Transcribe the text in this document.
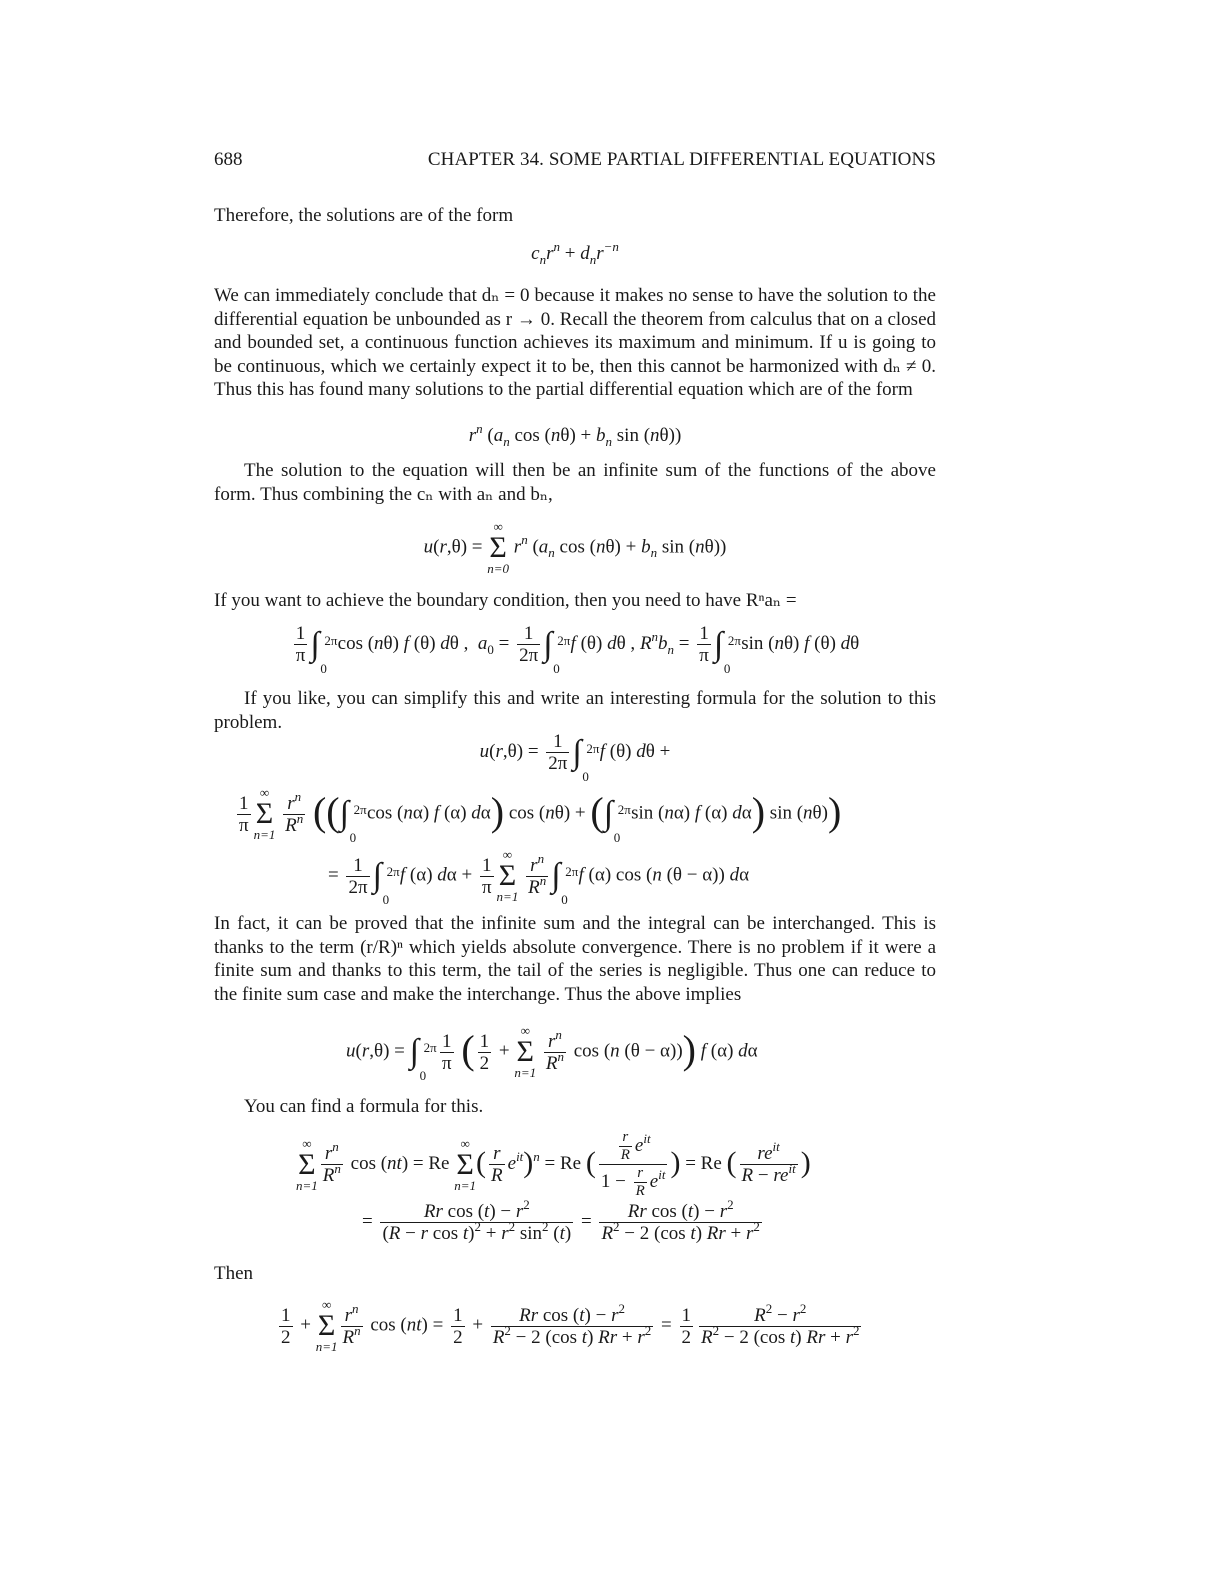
688	CHAPTER 34. SOME PARTIAL DIFFERENTIAL EQUATIONS
Therefore, the solutions are of the form
$c_nr^n + d_nr^{-n}$
We can immediately conclude that dₙ = 0 because it makes no sense to have the solution to the differential equation be unbounded as r → 0. Recall the theorem from calculus that on a closed and bounded set, a continuous function achieves its maximum and minimum. If u is going to be continuous, which we certainly expect it to be, then this cannot be harmonized with dₙ ≠ 0. Thus this has found many solutions to the partial differential equation which are of the form
$r^n$ ($a_n$ $\cos (n\theta) + b_n$ sin (nθ))
The solution to the equation will then be an infinite sum of the functions of the above form. Thus combining the cₙ with aₙ and bₙ,
u(r,θ) =
∞
Σ
n=0
$r^n$ ($a_n$ $\cos (n\theta) + b_n$ sin (nθ))
If you want to achieve the boundary condition, then you need to have Rⁿaₙ =
$\frac{1}{\pi}$ ∫ 2π
0
cos (nθ) f (θ) dθ ,  $a_0 = \frac{1}{2\pi}$ ∫ 2π
0
f (θ) dθ , $R^nb_n = \frac{1}{\pi}$ ∫ 2π
0
sin (nθ) f (θ) dθ
If you like, you can simplify this and write an interesting formula for the solution to this problem.
$u(r,\theta) = \frac{1}{2\pi}$ ∫ 2π
0
f (θ) dθ +
$\frac{1}{\pi}$
∞
Σ
n=1
$\frac{r^n}{R^n}$ ((∫ 2π
0
cos (nα) f (α) dα) cos (nθ) + (∫ 2π
0
sin (nα) f (α) dα) sin (nθ))
= $\frac{1}{2\pi}$ ∫ 2π
0
f (α) $d\alpha + \frac{1}{\pi}$
∞
Σ
n=1
$\frac{r^n}{R^n}$ ∫ 2π
0
f (α) cos (n (θ − α)) dα
In fact, it can be proved that the infinite sum and the integral can be interchanged. This is thanks to the term (r/R)ⁿ which yields absolute convergence. There is no problem if it were a finite sum and thanks to this term, the tail of the series is negligible. Thus one can reduce to the finite sum case and make the interchange. Thus the above implies
u(r,θ) = ∫ 2π
0
$\frac{1}{\pi}$ ( $\frac{1}{2}$ +
∞
Σ
n=1
$\frac{r^n}{R^n}$ cos (n (θ − α))) f (α) dα
You can find a formula for this.
∞
Σ
$n=1 \frac{r^n}{R^n}$ cos (nt) = Re
∞
Σ
n=1
( $\frac{r}{R} e^{it})^n = Re$ ( $\frac{\frac{r}{R} e^{it}}{1 - \frac{r}{R} e^{it}}$ ) = Re ( $\frac{re^{it}}{R - re^{it}}$ )
= $\frac{Rr \cos (t) - r^2}{(R - r \cos t)^2 + r^2 \sin^2 (t)} = \frac{Rr \cos (t) - r^2}{R^2 - 2 (\cos t) Rr + r^2}$
Then
$\frac{1}{2}$ +
∞
Σ
$n=1 \frac{r^n}{R^n}$ $\cos (nt) = \frac{1}{2} + \frac{Rr \cos (t) - r^2}{R^2 - 2 (\cos t) Rr + r^2} = \frac{1}{2} \frac{R^2 - r^2}{R^2 - 2 (\cos t) Rr + r^2}$
